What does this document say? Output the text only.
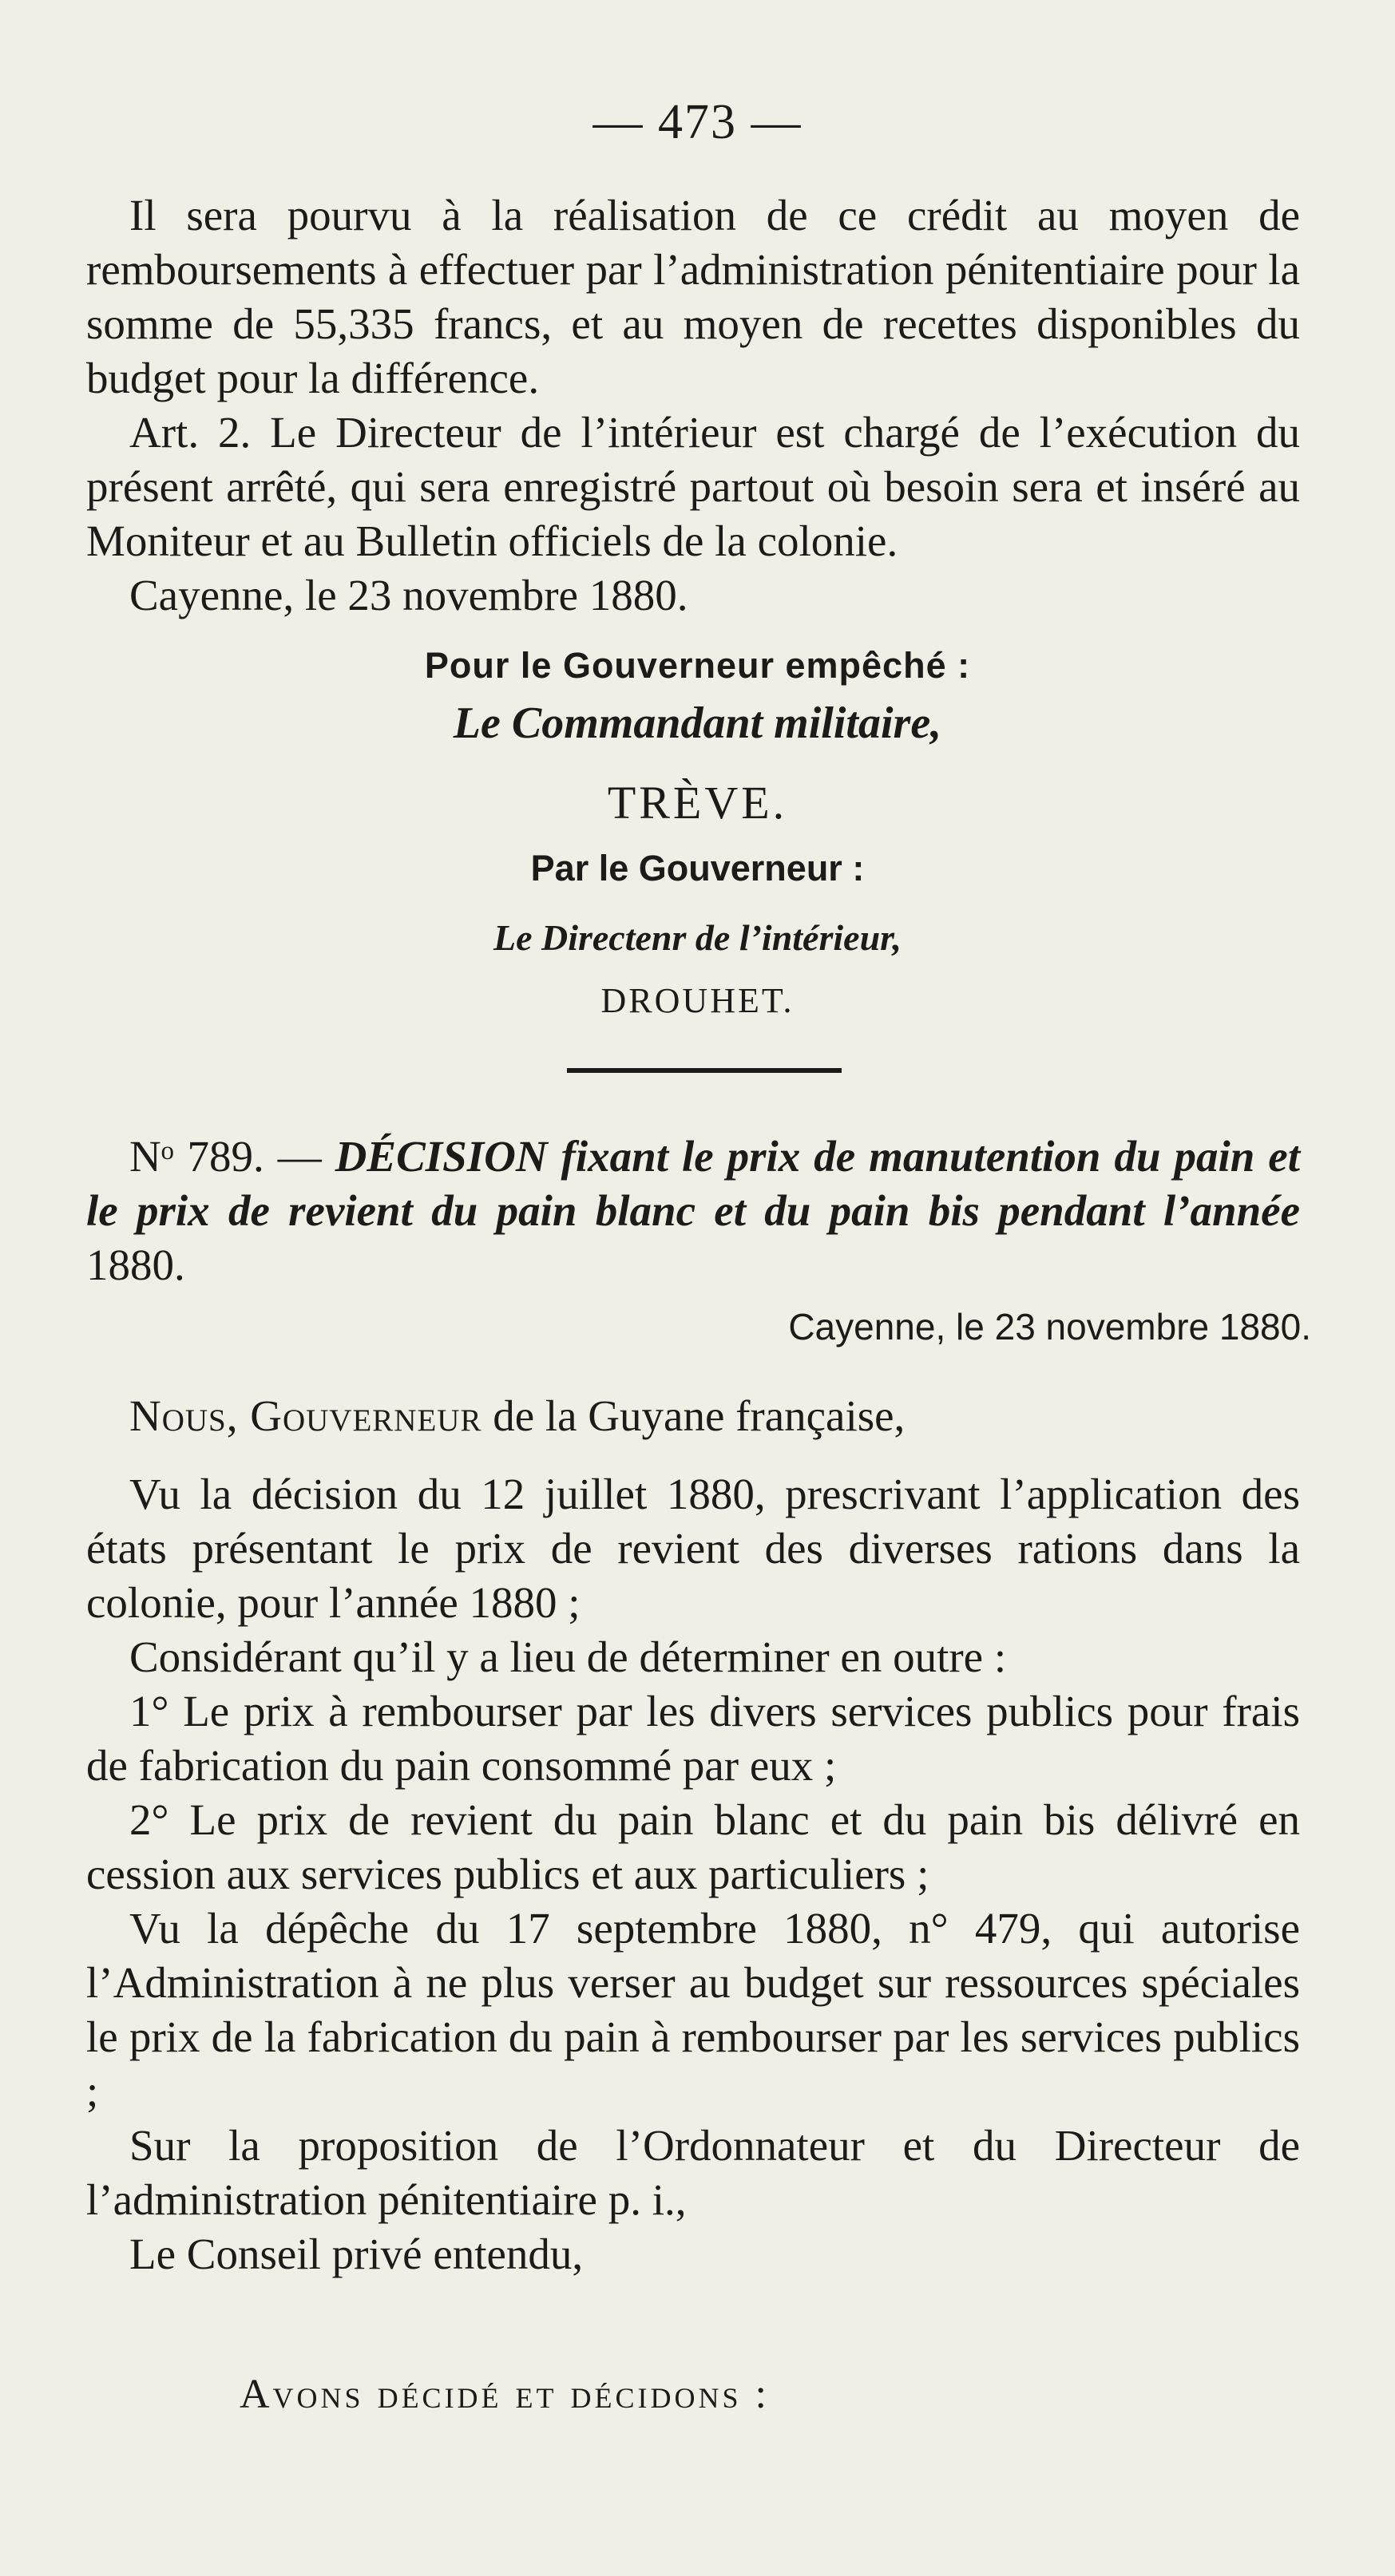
— 473 —

Il sera pourvu à la réalisation de ce crédit au moyen de remboursements à effectuer par l’administration pénitentiaire pour la somme de 55,335 francs, et au moyen de recettes disponibles du budget pour la différence.

Art. 2. Le Directeur de l’intérieur est chargé de l’exécution du présent arrêté, qui sera enregistré partout où besoin sera et inséré au Moniteur et au Bulletin officiels de la colonie.

Cayenne, le 23 novembre 1880.

Pour le Gouverneur empêché :
Le Commandant militaire,
TRÈVE.
Par le Gouverneur :
Le Directenr de l’intérieur,
DROUHET.

Nᵒ 789. — DÉCISION fixant le prix de manutention du pain et le prix de revient du pain blanc et du pain bis pendant l’année 1880.

Cayenne, le 23 novembre 1880.

Nous, Gouverneur de la Guyane française,

Vu la décision du 12 juillet 1880, prescrivant l’application des états présentant le prix de revient des diverses rations dans la colonie, pour l’année 1880 ;

Considérant qu’il y a lieu de déterminer en outre :

1° Le prix à rembourser par les divers services publics pour frais de fabrication du pain consommé par eux ;

2° Le prix de revient du pain blanc et du pain bis délivré en cession aux services publics et aux particuliers ;

Vu la dépêche du 17 septembre 1880, n° 479, qui autorise l’Administration à ne plus verser au budget sur ressources spéciales le prix de la fabrication du pain à rembourser par les services publics ;

Sur la proposition de l’Ordonnateur et du Directeur de l’administration pénitentiaire p. i.,

Le Conseil privé entendu,

Avons décidé et décidons :
